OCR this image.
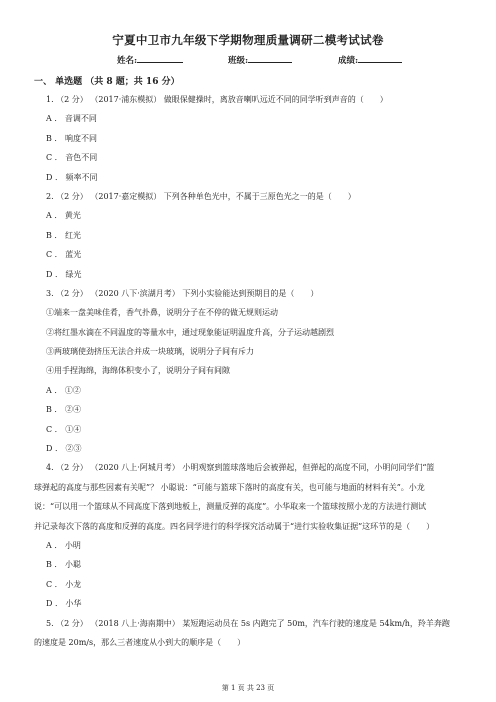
宁夏中卫市九年级下学期物理质量调研二模考试试卷
姓名:	班级:	成绩:
一、 单选题 （共 8 题；共 16 分）
1. （2 分） （2017·浦东模拟） 做眼保健操时，离放音喇叭远近不同的同学听到声音的（　　）
A ． 音调不同
B ． 响度不同
C ． 音色不同
D ． 频率不同
2. （2 分） （2017·嘉定模拟） 下列各种单色光中，不属于三原色光之一的是（　　）
A ． 黄光
B ． 红光
C ． 蓝光
D ． 绿光
3. （2 分） （2020 八下·滨湖月考） 下列小实验能达到预期目的是（　　）
①端来一盘美味佳肴，香气扑鼻，说明分子在不停的做无规则运动
②将红墨水滴在不同温度的等量水中，通过现象能证明温度升高，分子运动越剧烈
③两玻璃使劲挤压无法合并成一块玻璃，说明分子间有斥力
④用手捏海绵，海绵体积变小了，说明分子间有间隙
A ． ①②
B ． ②④
C ． ①④
D ． ②③
4. （2 分） （2020 八上·阿城月考） 小明观察到篮球落地后会被弹起，但弹起的高度不同，小明问同学们“篮
球弹起的高度与那些因素有关呢”？ 小聪说：“可能与篮球下落时的高度有关，也可能与地面的材料有关”。小龙
说：“可以用一个篮球从不同高度下落到地板上，测量反弹的高度”。小华取来一个篮球按照小龙的方法进行测试
并记录每次下落的高度和反弹的高度。四名同学进行的科学探究活动属于“进行实验收集证据”这环节的是（　　）
A ． 小明
B ． 小聪
C ． 小龙
D ． 小华
5. （2 分） （2018 八上·海南期中） 某短跑运动员在 5s 内跑完了 50m，汽车行驶的速度是 54km/h，羚羊奔跑
的速度是 20m/s，那么三者速度从小到大的顺序是（　　）
第 1 页 共 23 页
